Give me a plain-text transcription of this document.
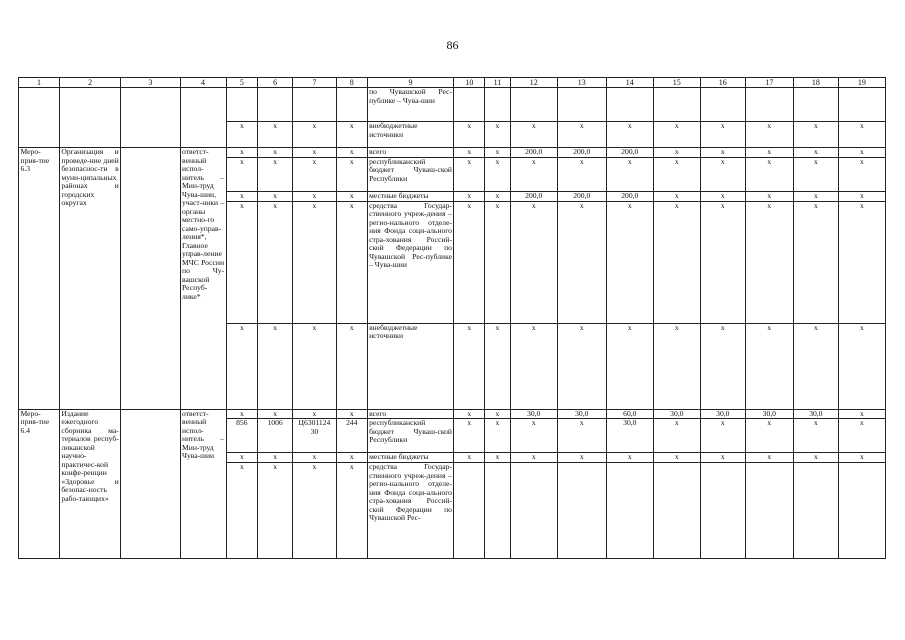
86
1	2	3	4	5	6	7	8	9	10	11	12	13	14	15	16	17	18	19
								по Чувашской Рес-публике – Чува-шии										
				x	x	x	x	внебюджетные источники	x	x	x	x	x	x	x	x	x	x
Меро-прия-тие 6.3	Организация и проведе-ние дней безопаснос-ти в муни-ципальных районах и городских округах		ответст-венный испол-нитель – Мин-труд Чува-шии, участ-ники – органы местно-го само-управ-ления*, Главное управ-ление МЧС России по Чу-вашской Респуб-лике*	x	x	x	x	всего	x	x	200,0	200,0	200,0	x	x	x	x	x
				x	x	x	x	республиканский бюджет Чуваш-ской Республики	x	x	x	x	x	x	x	x	x	x
				x	x	x	x	местные бюджеты	x	x	200,0	200,0	200,0	x	x	x	x	x
				x	x	x	x	средства Государ-ственного учреж-дения – регио-нального отделе-ния Фонда соци-ального стра-хования Россий-ской Федерации по Чувашской Рес-публике – Чува-шии	x	x	x	x	x	x	x	x	x	x
				x	x	x	x	внебюджетные источники	x	x	x	x	x	x	x	x	x	x
Меро-прия-тие 6.4	Издание ежегодного сборника ма-териалов респуб-ликанской научно-практичес-кой конфе-ренции «Здоровье и безопас-ность рабо-тающих»		ответст-венный испол-нитель – Мин-труд Чува-шии	x	x	x	x	всего	x	x	30,0	30,0	60,0	30,0	30,0	30,0	30,0	x
				856	1006	Ц6301124 30	244	республиканский бюджет Чуваш-ской Республики	x	x	x	x	30,0	x	x	x	x	x
				x	x	x	x	местные бюджеты	x	x	x	x	x	x	x	x	x	x
				x	x	x	x	средства Государ-ственного учреж-дения – регио-нального отделе-ния Фонда соци-ального стра-хования Россий-ской Федерации по Чувашской Рес-										
